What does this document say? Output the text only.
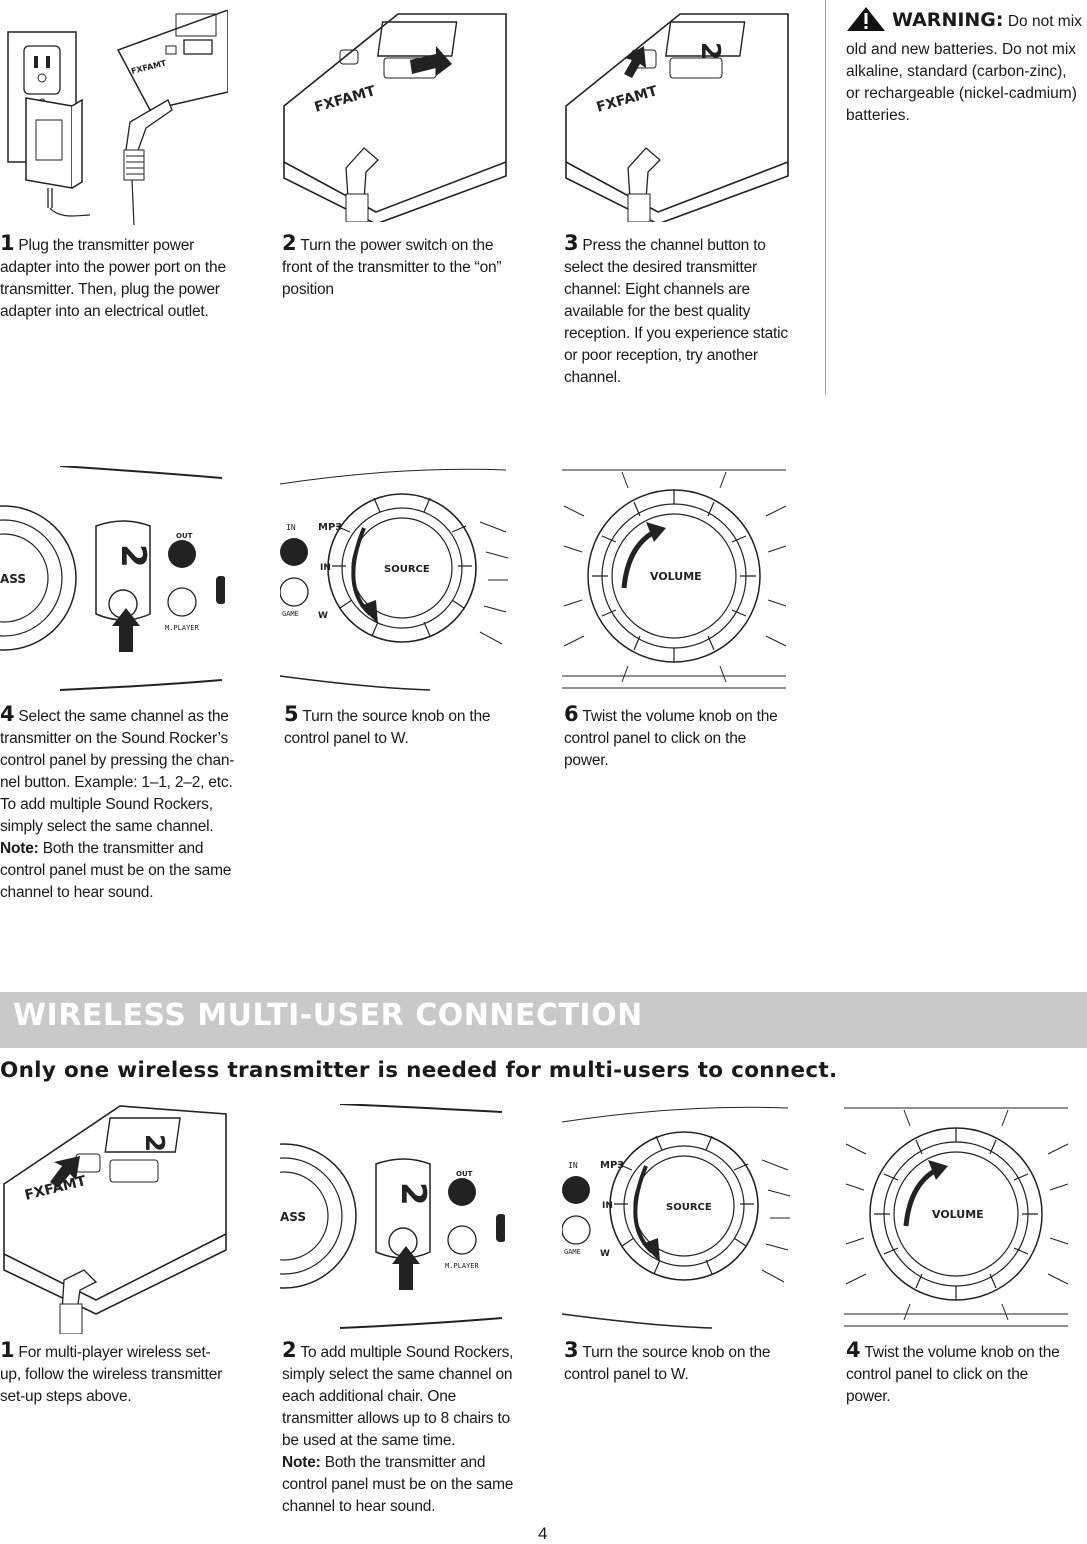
FXFAMT
FXFAMT
2
FXFAMT
WARNING: Do not mix old and new batteries. Do not mix alkaline, standard (carbon-zinc), or rechargeable (nickel-cadmium) batteries.
1 Plug the transmitter power adapter into the power port on the transmitter. Then, plug the power adapter into an electrical outlet.
2 Turn the power switch on the front of the transmitter to the “on” position
3 Press the channel button to select the desired transmitter channel: Eight channels are available for the best quality reception. If you experience static or poor reception, try another channel.
ASS
2
OUT
M.PLAYER
IN MP3
GAME
IN
W
SOURCE
VOLUME
4 Select the same channel as the transmitter on the Sound Rocker’s control panel by pressing the chan-nel button. Example: 1–1, 2–2, etc. To add multiple Sound Rockers, simply select the same channel.
Note: Both the transmitter and control panel must be on the same channel to hear sound.
5 Turn the source knob on the control panel to W.
6 Twist the volume knob on the control panel to click on the power.
WIRELESS MULTI-USER CONNECTION
Only one wireless transmitter is needed for multi-users to connect.
2
FXFAMT
ASS
2
OUT
M.PLAYER
IN MP3
GAME
IN
W
SOURCE
VOLUME
1 For multi-player wireless set-up, follow the wireless transmitter set-up steps above.
2 To add multiple Sound Rockers, simply select the same channel on each additional chair. One transmitter allows up to 8 chairs to be used at the same time.
Note: Both the transmitter and control panel must be on the same channel to hear sound.
3 Turn the source knob on the control panel to W.
4 Twist the volume knob on the control panel to click on the power.
4
